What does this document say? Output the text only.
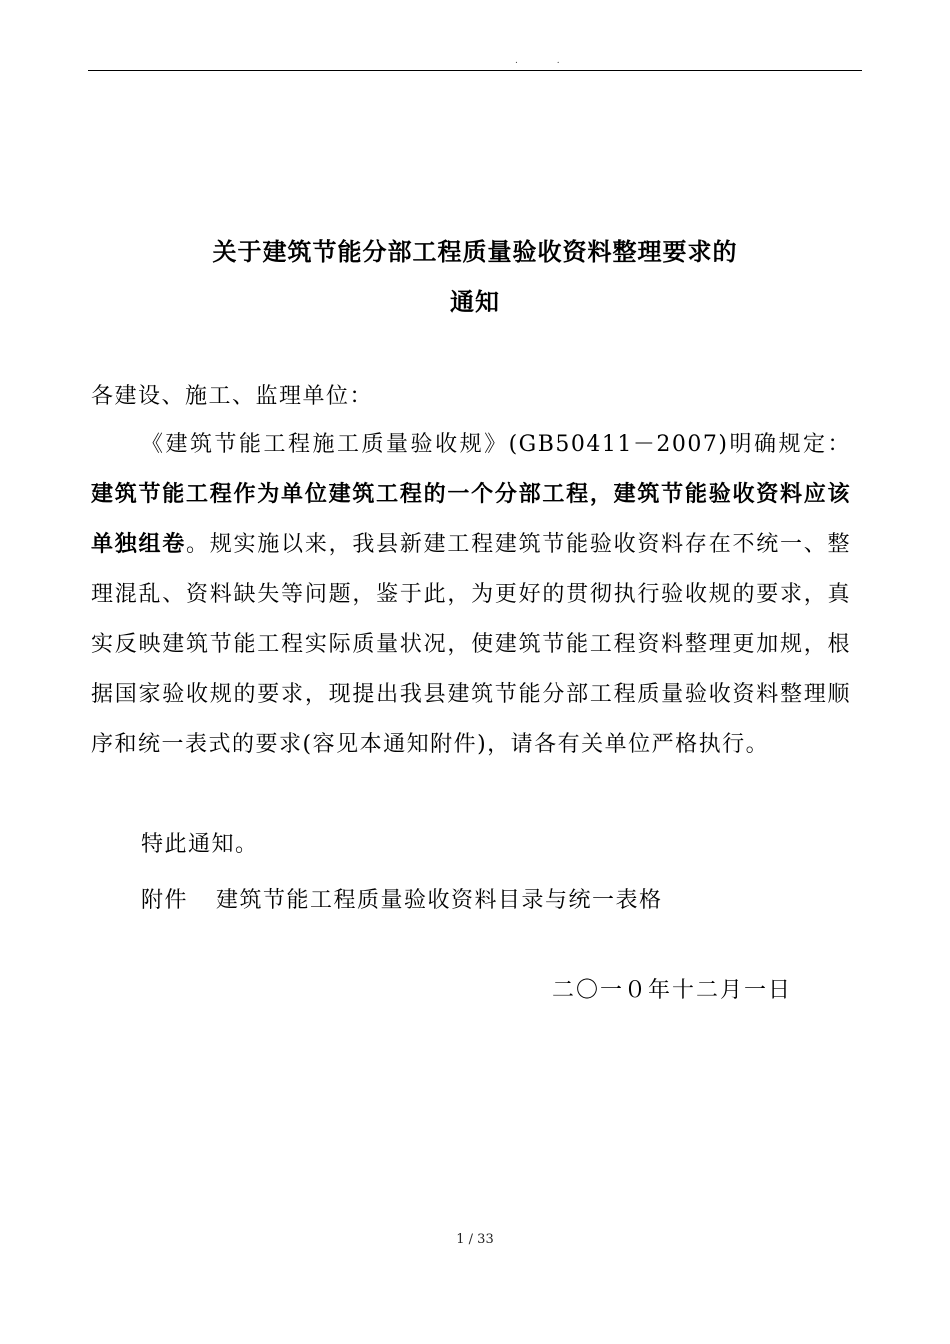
. .
关于建筑节能分部工程质量验收资料整理要求的
通知
各建设、施工、监理单位：
《建筑节能工程施工质量验收规》(GB50411－2007)明确规定：建筑节能工程作为单位建筑工程的一个分部工程，建筑节能验收资料应该单独组卷。规实施以来，我县新建工程建筑节能验收资料存在不统一、整理混乱、资料缺失等问题，鉴于此，为更好的贯彻执行验收规的要求，真实反映建筑节能工程实际质量状况，使建筑节能工程资料整理更加规，根据国家验收规的要求，现提出我县建筑节能分部工程质量验收资料整理顺序和统一表式的要求(容见本通知附件)，请各有关单位严格执行。
特此通知。
附件 建筑节能工程质量验收资料目录与统一表格
二〇一０年十二月一日
1 / 33
